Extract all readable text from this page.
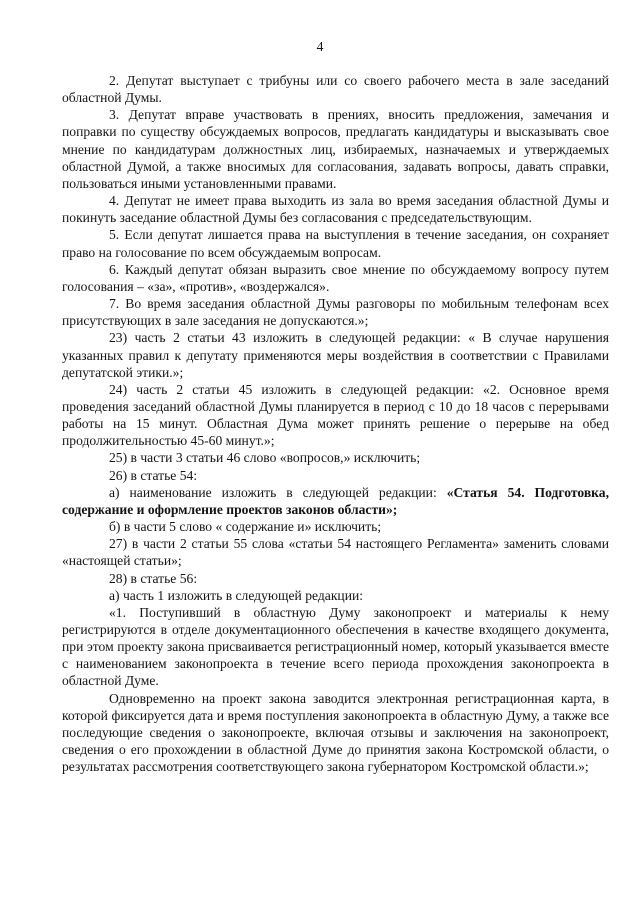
4

2. Депутат выступает с трибуны или со своего рабочего места в зале заседаний областной Думы.

3. Депутат вправе участвовать в прениях, вносить предложения, замечания и поправки по существу обсуждаемых вопросов, предлагать кандидатуры и высказывать свое мнение по кандидатурам должностных лиц, избираемых, назначаемых и утверждаемых областной Думой, а также вносимых для согласования, задавать вопросы, давать справки, пользоваться иными установленными правами.

4. Депутат не имеет права выходить из зала во время заседания областной Думы и покинуть заседание областной Думы без согласования с председательствующим.

5. Если депутат лишается права на выступления в течение заседания, он сохраняет право на голосование по всем обсуждаемым вопросам.

6. Каждый депутат обязан выразить свое мнение по обсуждаемому вопросу путем голосования – «за», «против», «воздержался».

7. Во время заседания областной Думы разговоры по мобильным телефонам всех присутствующих в зале заседания не допускаются.»;

23) часть 2 статьи 43 изложить в следующей редакции: « В случае нарушения указанных правил к депутату применяются меры воздействия в соответствии с Правилами депутатской этики.»;

24) часть 2 статьи 45 изложить в следующей редакции: «2. Основное время проведения заседаний областной Думы планируется в период с 10 до 18 часов с перерывами работы на 15 минут. Областная Дума может принять решение о перерыве на обед продолжительностью 45-60 минут.»;

25) в части 3 статьи 46 слово «вопросов,» исключить;

26) в статье 54:

а) наименование изложить в следующей редакции: «Статья 54. Подготовка, содержание и оформление проектов законов области»;

б) в части 5 слово « содержание и» исключить;

27) в части 2 статьи 55 слова «статьи 54 настоящего Регламента» заменить словами «настоящей статьи»;

28) в статье 56:

а) часть 1 изложить в следующей редакции:

«1. Поступивший в областную Думу законопроект и материалы к нему регистрируются в отделе документационного обеспечения в качестве входящего документа, при этом проекту закона присваивается регистрационный номер, который указывается вместе с наименованием законопроекта в течение всего периода прохождения законопроекта в областной Думе.

Одновременно на проект закона заводится электронная регистрационная карта, в которой фиксируется дата и время поступления законопроекта в областную Думу, а также все последующие сведения о законопроекте, включая отзывы и заключения на законопроект, сведения о его прохождении в областной Думе до принятия закона Костромской области, о результатах рассмотрения соответствующего закона губернатором Костромской области.»;
